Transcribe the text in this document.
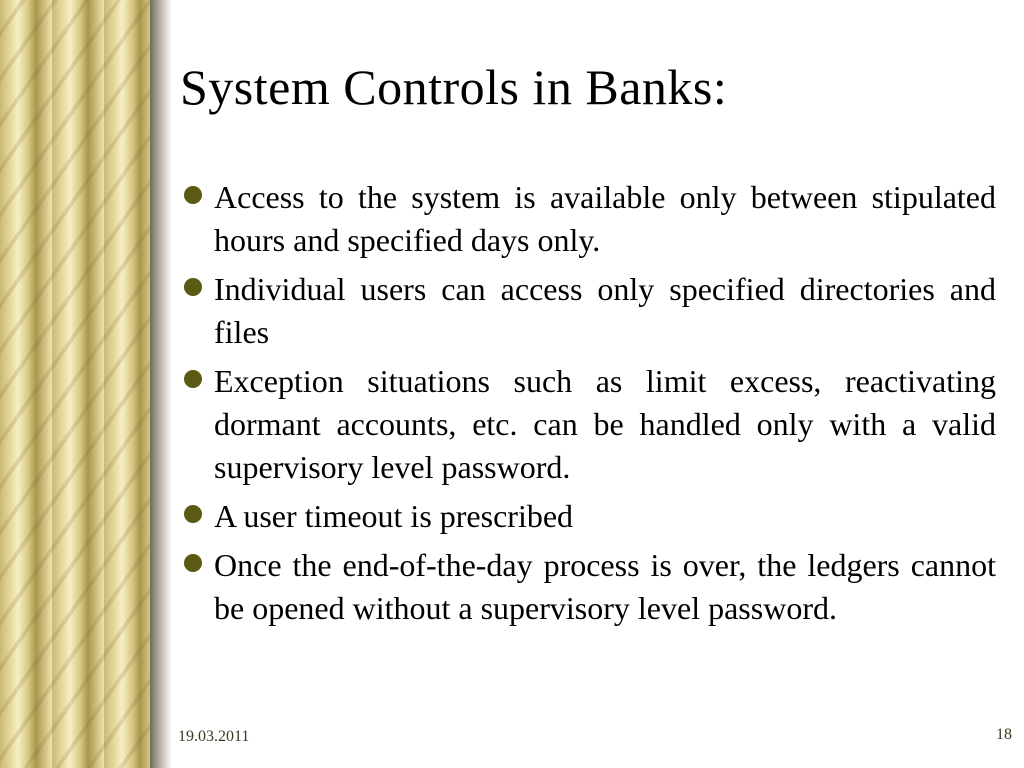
System Controls in Banks:
Access to the system is available only between stipulated hours and specified days only.
Individual users can access only specified directories and files
Exception situations such as limit excess, reactivating dormant accounts, etc. can be handled only with a valid supervisory level password.
A user timeout is prescribed
Once the end-of-the-day process is over, the ledgers cannot be opened without a supervisory level password.
19.03.2011	18
